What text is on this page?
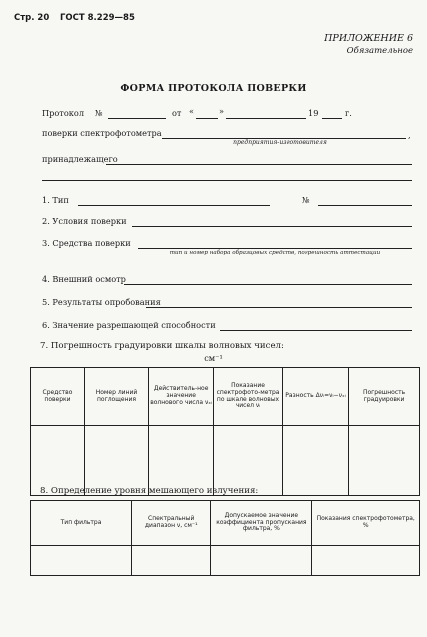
Стр. 20 ГОСТ 8.229—85
ПРИЛОЖЕНИЕ 6
Обязательное
ФОРМА ПРОТОКОЛА ПОВЕРКИ
Протокол №	от «	»	19	г.
поверки спектрофотометра	,
предприятия-изготовителя
принадлежащего
1. Тип	№
2. Условия поверки
3. Средства поверки
тип и номер набора образцовых средств, погрешность аттестации
4. Внешний осмотр
5. Результаты опробования
6. Значение разрешающей способности
7. Погрешность градуировки шкалы волновых чисел:
см⁻¹
Средство поверки	Номер линий поглощения	Действитель-ное значение волнового числа νₓᵢ	Показание спектрофото-метра по шкале волновых чисел νᵢ	Разность Δνᵢ=νᵢ−νₓᵢ	Погрешность градуировки

8. Определение уровня мешающего излучения:
Тип фильтра	Спектральный диапазон ν, см⁻¹	Допускаемое значение коэффициента пропускания фильтра, %	Показания спектрофотометра, %
